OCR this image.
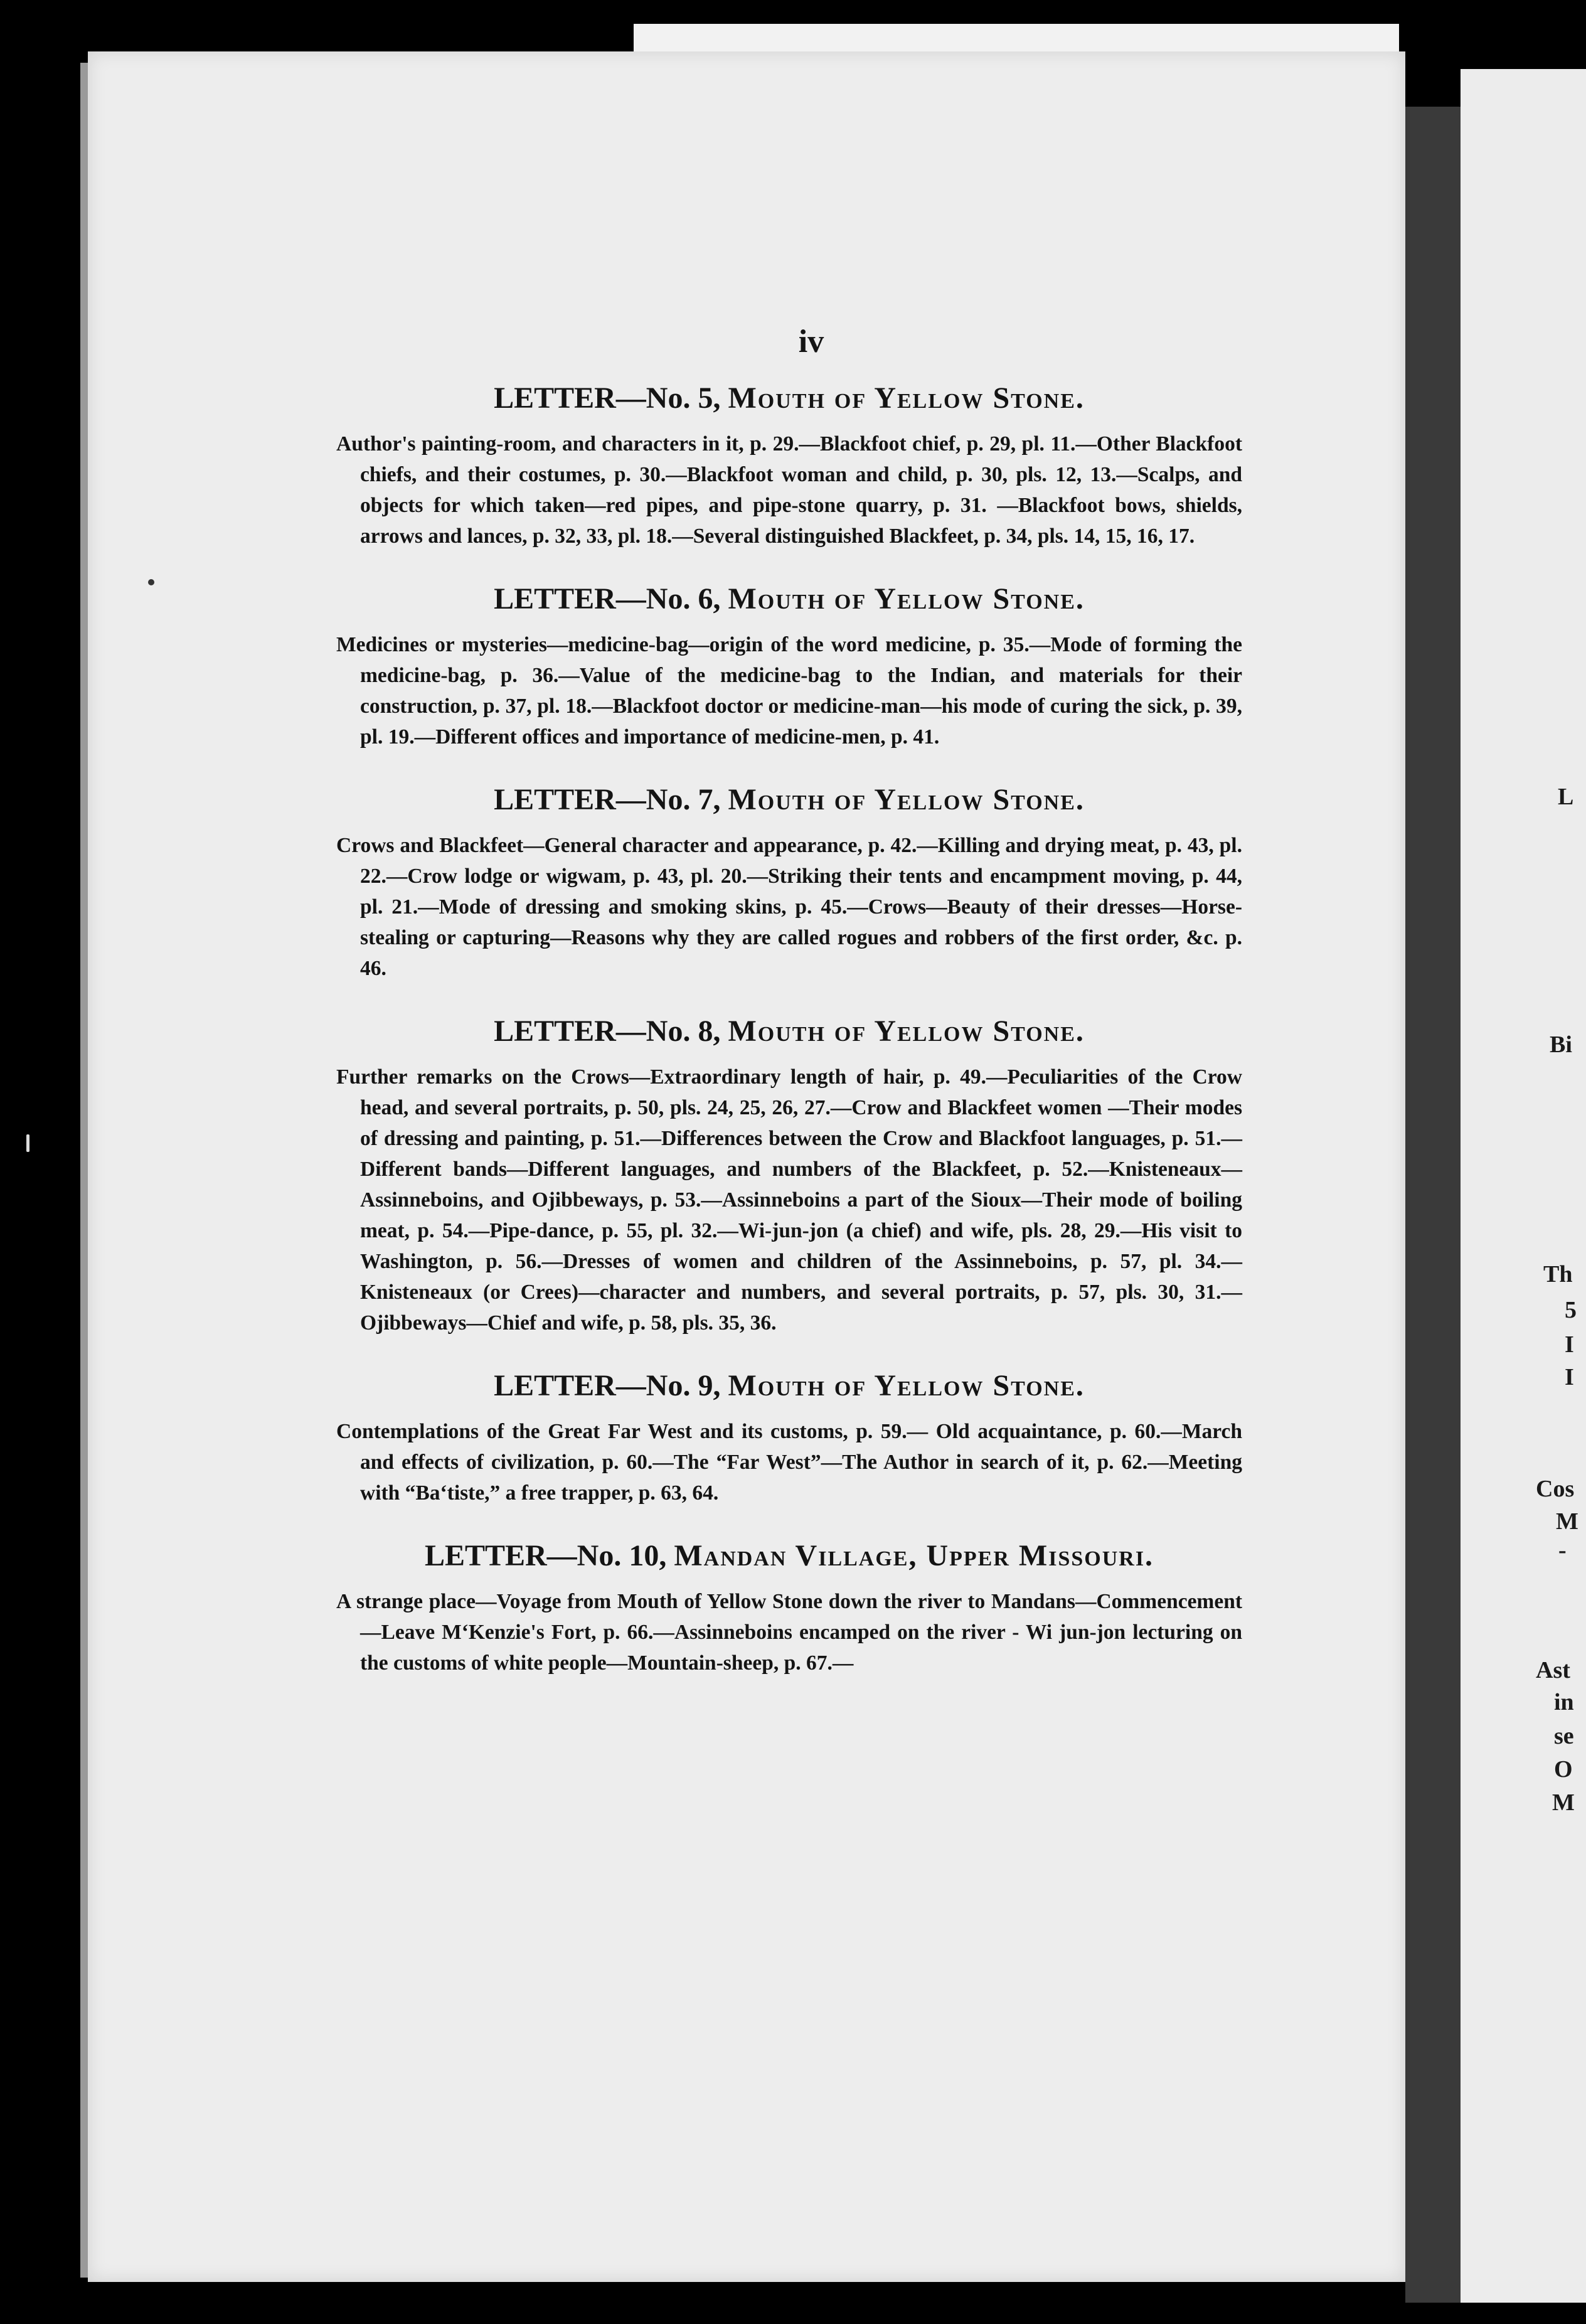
iv
LETTER—No. 5, Mouth of Yellow Stone.

Author's painting-room, and characters in it, p. 29.—Blackfoot chief, p. 29, pl. 11.—Other Blackfoot chiefs, and their costumes, p. 30.—Blackfoot woman and child, p. 30, pls. 12, 13.—Scalps, and objects for which taken—red pipes, and pipe-stone quarry, p. 31. —Blackfoot bows, shields, arrows and lances, p. 32, 33, pl. 18.—Several distinguished Blackfeet, p. 34, pls. 14, 15, 16, 17.

LETTER—No. 6, Mouth of Yellow Stone.

Medicines or mysteries—medicine-bag—origin of the word medicine, p. 35.—Mode of forming the medicine-bag, p. 36.—Value of the medicine-bag to the Indian, and materials for their construction, p. 37, pl. 18.—Blackfoot doctor or medicine-man—his mode of curing the sick, p. 39, pl. 19.—Different offices and importance of medicine-men, p. 41.

LETTER—No. 7, Mouth of Yellow Stone.

Crows and Blackfeet—General character and appearance, p. 42.—Killing and drying meat, p. 43, pl. 22.—Crow lodge or wigwam, p. 43, pl. 20.—Striking their tents and encampment moving, p. 44, pl. 21.—Mode of dressing and smoking skins, p. 45.—Crows—Beauty of their dresses—Horse-stealing or capturing—Reasons why they are called rogues and robbers of the first order, &c. p. 46.

LETTER—No. 8, Mouth of Yellow Stone.

Further remarks on the Crows—Extraordinary length of hair, p. 49.—Peculiarities of the Crow head, and several portraits, p. 50, pls. 24, 25, 26, 27.—Crow and Blackfeet women —Their modes of dressing and painting, p. 51.—Differences between the Crow and Blackfoot languages, p. 51.—Different bands—Different languages, and numbers of the Blackfeet, p. 52.—Knisteneaux—Assinneboins, and Ojibbeways, p. 53.—Assinneboins a part of the Sioux—Their mode of boiling meat, p. 54.—Pipe-dance, p. 55, pl. 32.—Wi-jun-jon (a chief) and wife, pls. 28, 29.—His visit to Washington, p. 56.—Dresses of women and children of the Assinneboins, p. 57, pl. 34.—Knisteneaux (or Crees)—character and numbers, and several portraits, p. 57, pls. 30, 31.—Ojibbeways—Chief and wife, p. 58, pls. 35, 36.

LETTER—No. 9, Mouth of Yellow Stone.

Contemplations of the Great Far West and its customs, p. 59.— Old acquaintance, p. 60.—March and effects of civilization, p. 60.—The “Far West”—The Author in search of it, p. 62.—Meeting with “Ba‘tiste,” a free trapper, p. 63, 64.

LETTER—No. 10, Mandan Village, Upper Missouri.

A strange place—Voyage from Mouth of Yellow Stone down the river to Mandans—Commencement—Leave M‘Kenzie's Fort, p. 66.—Assinneboins encamped on the river - Wi jun-jon lecturing on the customs of white people—Mountain-sheep, p. 67.—

L
Bi
Th
5
I
I
Cos
M
-
Ast
in
se
O
M
